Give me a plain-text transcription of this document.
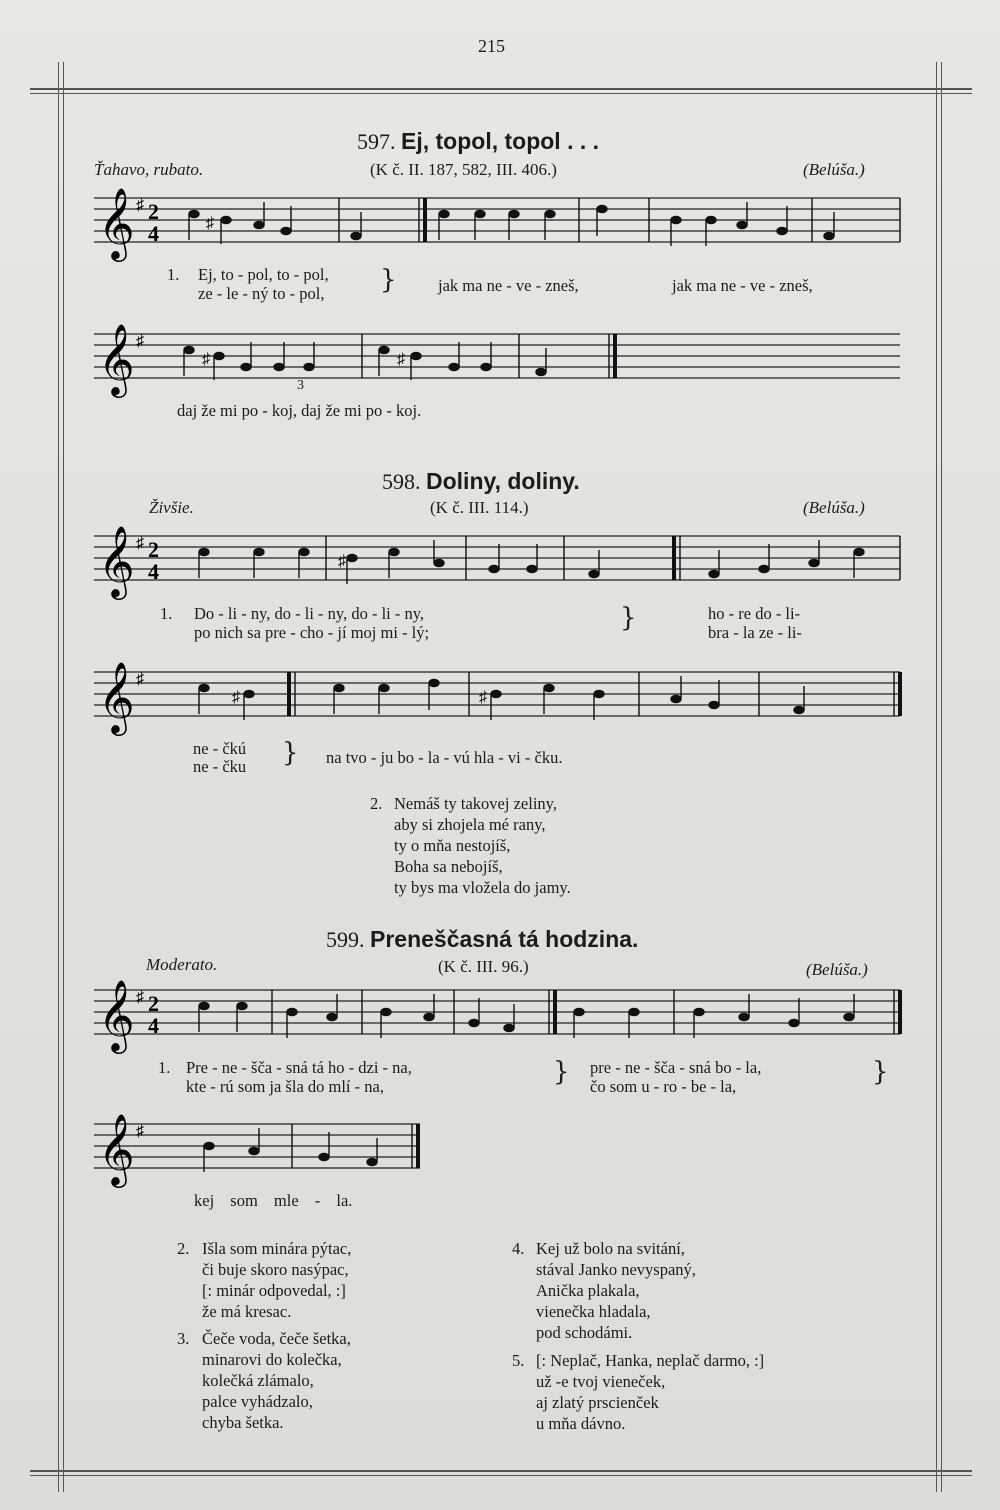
215
597. Ej, topol, topol . . .
Ťahavo, rubato.	(K č. II. 187, 582, III. 406.)	(Belúša.)
𝄞 ♯ 2
4	♯
1. Ej, to - pol, to - pol,
ze - le - ný to - pol, }	jak ma ne - ve - zneš,	jak ma ne - ve - zneš,
𝄞 ♯
♯	♯
3
daj že mi po - koj, daj že mi po - koj.
598. Doliny, doliny.
Živšie.	(K č. III. 114.)	(Belúša.)
𝄞 ♯ 2
4	♯
1. Do - li - ny, do - li - ny, do - li - ny,
po nich sa pre - cho - jí moj mi - lý;	}	ho - re do - li-
bra - la ze - li-
𝄞 ♯
♯	♯
ne - čkú
ne - čku } na tvo - ju bo - la - vú hla - vi - čku.
2. Nemáš ty takovej zeliny,
aby si zhojela mé rany,
ty o mňa nestojíš,
Boha sa nebojíš,
ty bys ma vložela do jamy.
599. Preneščasná tá hodzina.
Moderato.	(K č. III. 96.)	(Belúša.)
𝄞 ♯ 2
4
1. Pre - ne - šča - sná tá ho - dzi - na,
kte - rú som ja šla do mlí - na,	} pre - ne - šča - sná bo - la,
čo som u - ro - be - la,	}
𝄞 ♯
kej som mle - la.
2. Išla som minára pýtac,
či buje skoro nasýpac,
[: minár odpovedal, :]
že má kresac.
3. Čeče voda, čeče šetka,
minarovi do kolečka,
kolečká zlámalo,
palce vyhádzalo,
chyba šetka.
4. Kej už bolo na svitání,
stával Janko nevyspaný,
Anička plakala,
vienečka hladala,
pod schodámi.
5. [: Neplač, Hanka, neplač darmo, :]
už -e tvoj vieneček,
aj zlatý prscienček
u mňa dávno.
